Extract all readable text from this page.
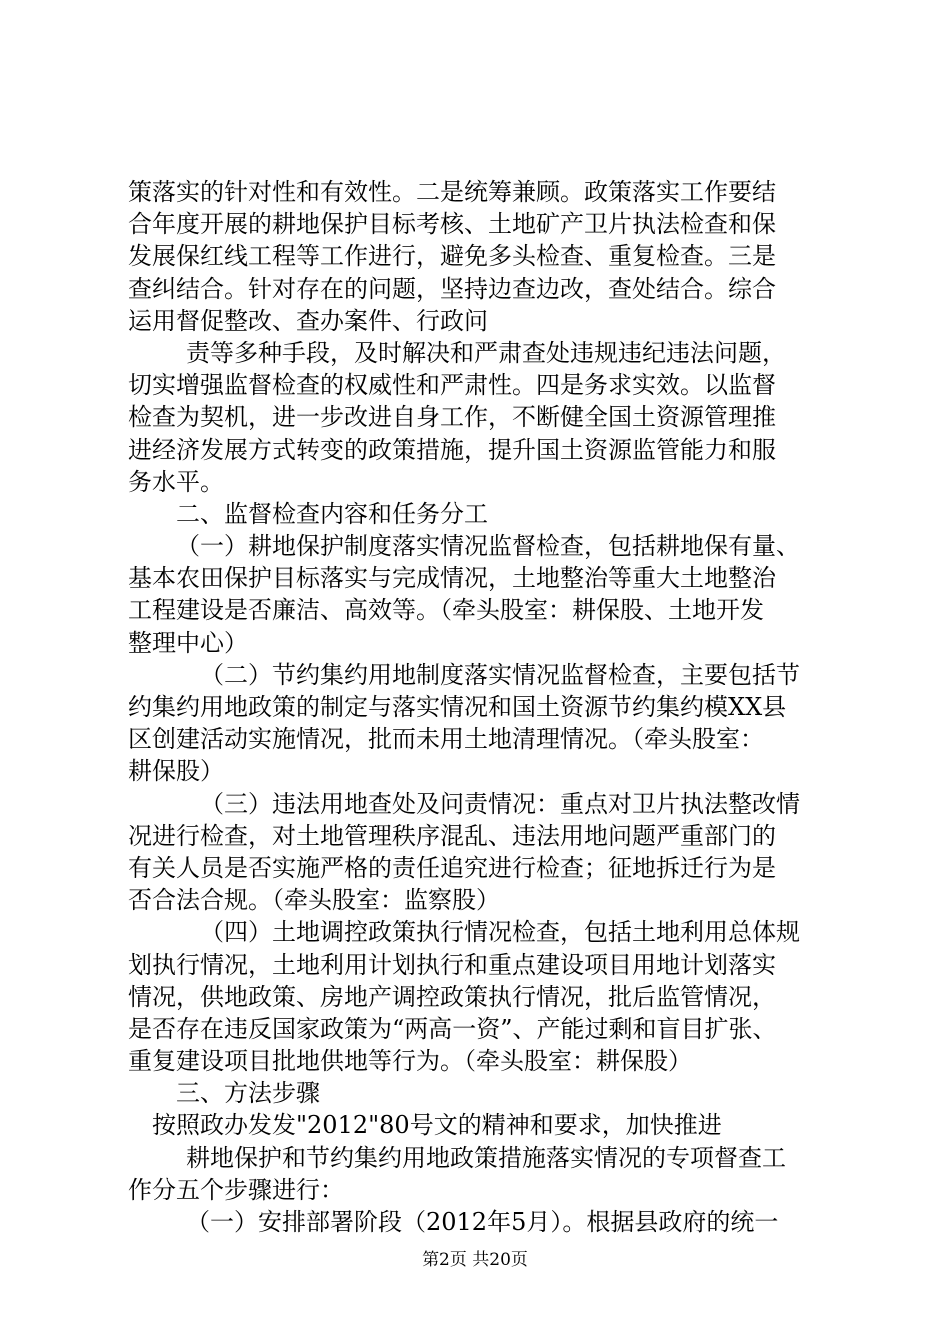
策落实的针对性和有效性。二是统筹兼顾。政策落实工作要结
合年度开展的耕地保护目标考核、土地矿产卫片执法检查和保
发展保红线工程等工作进行，避免多头检查、重复检查。三是
查纠结合。针对存在的问题，坚持边查边改，查处结合。综合
运用督促整改、查办案件、行政问
责等多种手段，及时解决和严肃查处违规违纪违法问题，
切实增强监督检查的权威性和严肃性。四是务求实效。以监督
检查为契机，进一步改进自身工作，不断健全国土资源管理推
进经济发展方式转变的政策措施，提升国土资源监管能力和服
务水平。
二、监督检查内容和任务分工
（一）耕地保护制度落实情况监督检查，包括耕地保有量、
基本农田保护目标落实与完成情况，土地整治等重大土地整治
工程建设是否廉洁、高效等。（牵头股室：耕保股、土地开发
整理中心）
（二）节约集约用地制度落实情况监督检查，主要包括节
约集约用地政策的制定与落实情况和国土资源节约集约模XX县
区创建活动实施情况，批而未用土地清理情况。（牵头股室：
耕保股）
（三）违法用地查处及问责情况：重点对卫片执法整改情
况进行检查，对土地管理秩序混乱、违法用地问题严重部门的
有关人员是否实施严格的责任追究进行检查；征地拆迁行为是
否合法合规。（牵头股室：监察股）
（四）土地调控政策执行情况检查，包括土地利用总体规
划执行情况，土地利用计划执行和重点建设项目用地计划落实
情况，供地政策、房地产调控政策执行情况，批后监管情况，
是否存在违反国家政策为“两高一资”、产能过剩和盲目扩张、
重复建设项目批地供地等行为。（牵头股室：耕保股）
三、方法步骤
按照政办发发"2012"80号文的精神和要求，加快推进
耕地保护和节约集约用地政策措施落实情况的专项督查工
作分五个步骤进行：
（一）安排部署阶段（2012年5月）。根据县政府的统一
第2页 共20页
